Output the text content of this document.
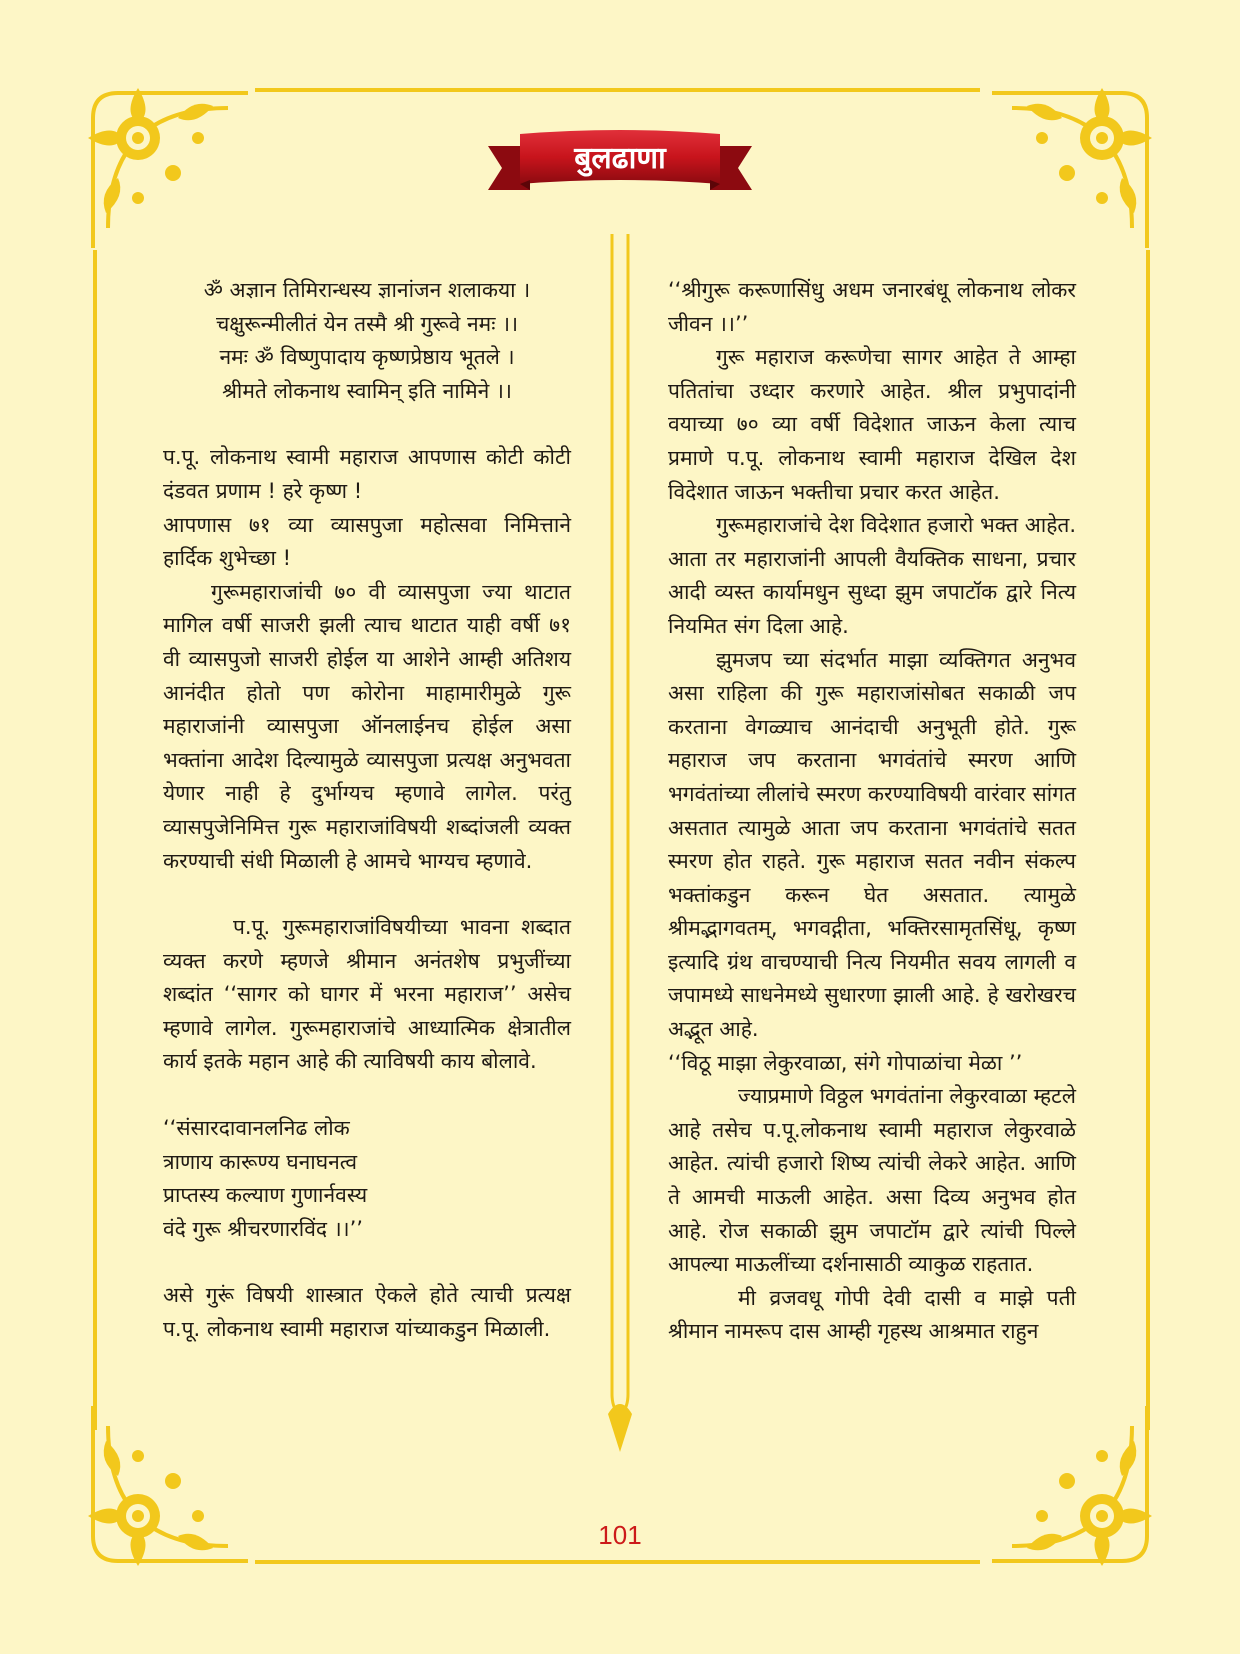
बुलढाणा

ॐ अज्ञान तिमिरान्धस्य ज्ञानांजन शलाकया ।

चक्षुरून्मीलीतं येन तस्मै श्री गुरूवे नमः ।।

नमः ॐ विष्णुपादाय कृष्णप्रेष्ठाय भूतले ।

श्रीमते लोकनाथ स्वामिन् इति नामिने ।।

प.पू. लोकनाथ स्वामी महाराज आपणास कोटी कोटी दंडवत प्रणाम ! हरे कृष्ण !

आपणास ७१ व्या व्यासपुजा महोत्सवा निमित्ताने हार्दिक शुभेच्छा !

गुरूमहाराजांची ७० वी व्यासपुजा ज्या थाटात मागिल वर्षी साजरी झली त्याच थाटात याही वर्षी ७१ वी व्यासपुजो साजरी होईल या आशेने आम्ही अतिशय आनंदीत होतो पण कोरोना माहामारीमुळे गुरू महाराजांनी व्यासपुजा ऑनलाईनच होईल असा भक्तांना आदेश दिल्यामुळे व्यासपुजा प्रत्यक्ष अनुभवता येणार नाही हे दुर्भाग्यच म्हणावे लागेल. परंतु व्यासपुजेनिमित्त गुरू महाराजांविषयी शब्दांजली व्यक्त करण्याची संधी मिळाली हे आमचे भाग्यच म्हणावे.

प.पू. गुरूमहाराजांविषयीच्या भावना शब्दात व्यक्त करणे म्हणजे श्रीमान अनंतशेष प्रभुजींच्या शब्दांत ‘‘सागर को घागर में भरना महाराज’’ असेच म्हणावे लागेल. गुरूमहाराजांचे आध्यात्मिक क्षेत्रातील कार्य इतके महान आहे की त्याविषयी काय बोलावे.

‘‘संसारदावानलनिढ लोक

त्राणाय कारूण्य घनाघनत्व

प्राप्तस्य कल्याण गुणार्नवस्य

वंदे गुरू श्रीचरणारविंद ।।’’

असे गुरूं विषयी शास्त्रात ऐकले होते त्याची प्रत्यक्ष प.पू. लोकनाथ स्वामी महाराज यांच्याकडुन मिळाली.

‘‘श्रीगुरू करूणासिंधु अधम जनारबंधू लोकनाथ लोकर जीवन ।।’’

गुरू महाराज करूणेचा सागर आहेत ते आम्हा पतितांचा उध्दार करणारे आहेत. श्रील प्रभुपादांनी वयाच्या ७० व्या वर्षी विदेशात जाऊन केला त्याच प्रमाणे प.पू. लोकनाथ स्वामी महाराज देखिल देश विदेशात जाऊन भक्तीचा प्रचार करत आहेत.

गुरूमहाराजांचे देश विदेशात हजारो भक्त आहेत. आता तर महाराजांनी आपली वैयक्तिक साधना, प्रचार आदी व्यस्त कार्यामधुन सुध्दा झुम जपाटॉक द्वारे नित्य नियमित संग दिला आहे.

झुमजप च्या संदर्भात माझा व्यक्तिगत अनुभव असा राहिला की गुरू महाराजांसोबत सकाळी जप करताना वेगळ्याच आनंदाची अनुभूती होते. गुरू महाराज जप करताना भगवंतांचे स्मरण आणि भगवंतांच्या लीलांचे स्मरण करण्याविषयी वारंवार सांगत असतात त्यामुळे आता जप करताना भगवंतांचे सतत स्मरण होत राहते. गुरू महाराज सतत नवीन संकल्प भक्तांकडुन करून घेत असतात. त्यामुळे श्रीमद्भागवतम्, भगवद्गीता, भक्तिरसामृतसिंधू, कृष्ण इत्यादि ग्रंथ वाचण्याची नित्य नियमीत सवय लागली व जपामध्ये साधनेमध्ये सुधारणा झाली आहे. हे खरोखरच अद्भूत आहे.

‘‘विठू माझा लेकुरवाळा, संगे गोपाळांचा मेळा ’’

ज्याप्रमाणे विठ्ठल भगवंतांना लेकुरवाळा म्हटले आहे तसेच प.पू.लोकनाथ स्वामी महाराज लेकुरवाळे आहेत. त्यांची हजारो शिष्य त्यांची लेकरे आहेत. आणि ते आमची माऊली आहेत. असा दिव्य अनुभव होत आहे. रोज सकाळी झुम जपाटॉम द्वारे त्यांची पिल्ले आपल्या माऊलींच्या दर्शनासाठी व्याकुळ राहतात.

मी व्रजवधू गोपी देवी दासी व माझे पती श्रीमान नामरूप दास आम्ही गृहस्थ आश्रमात राहुन

101
